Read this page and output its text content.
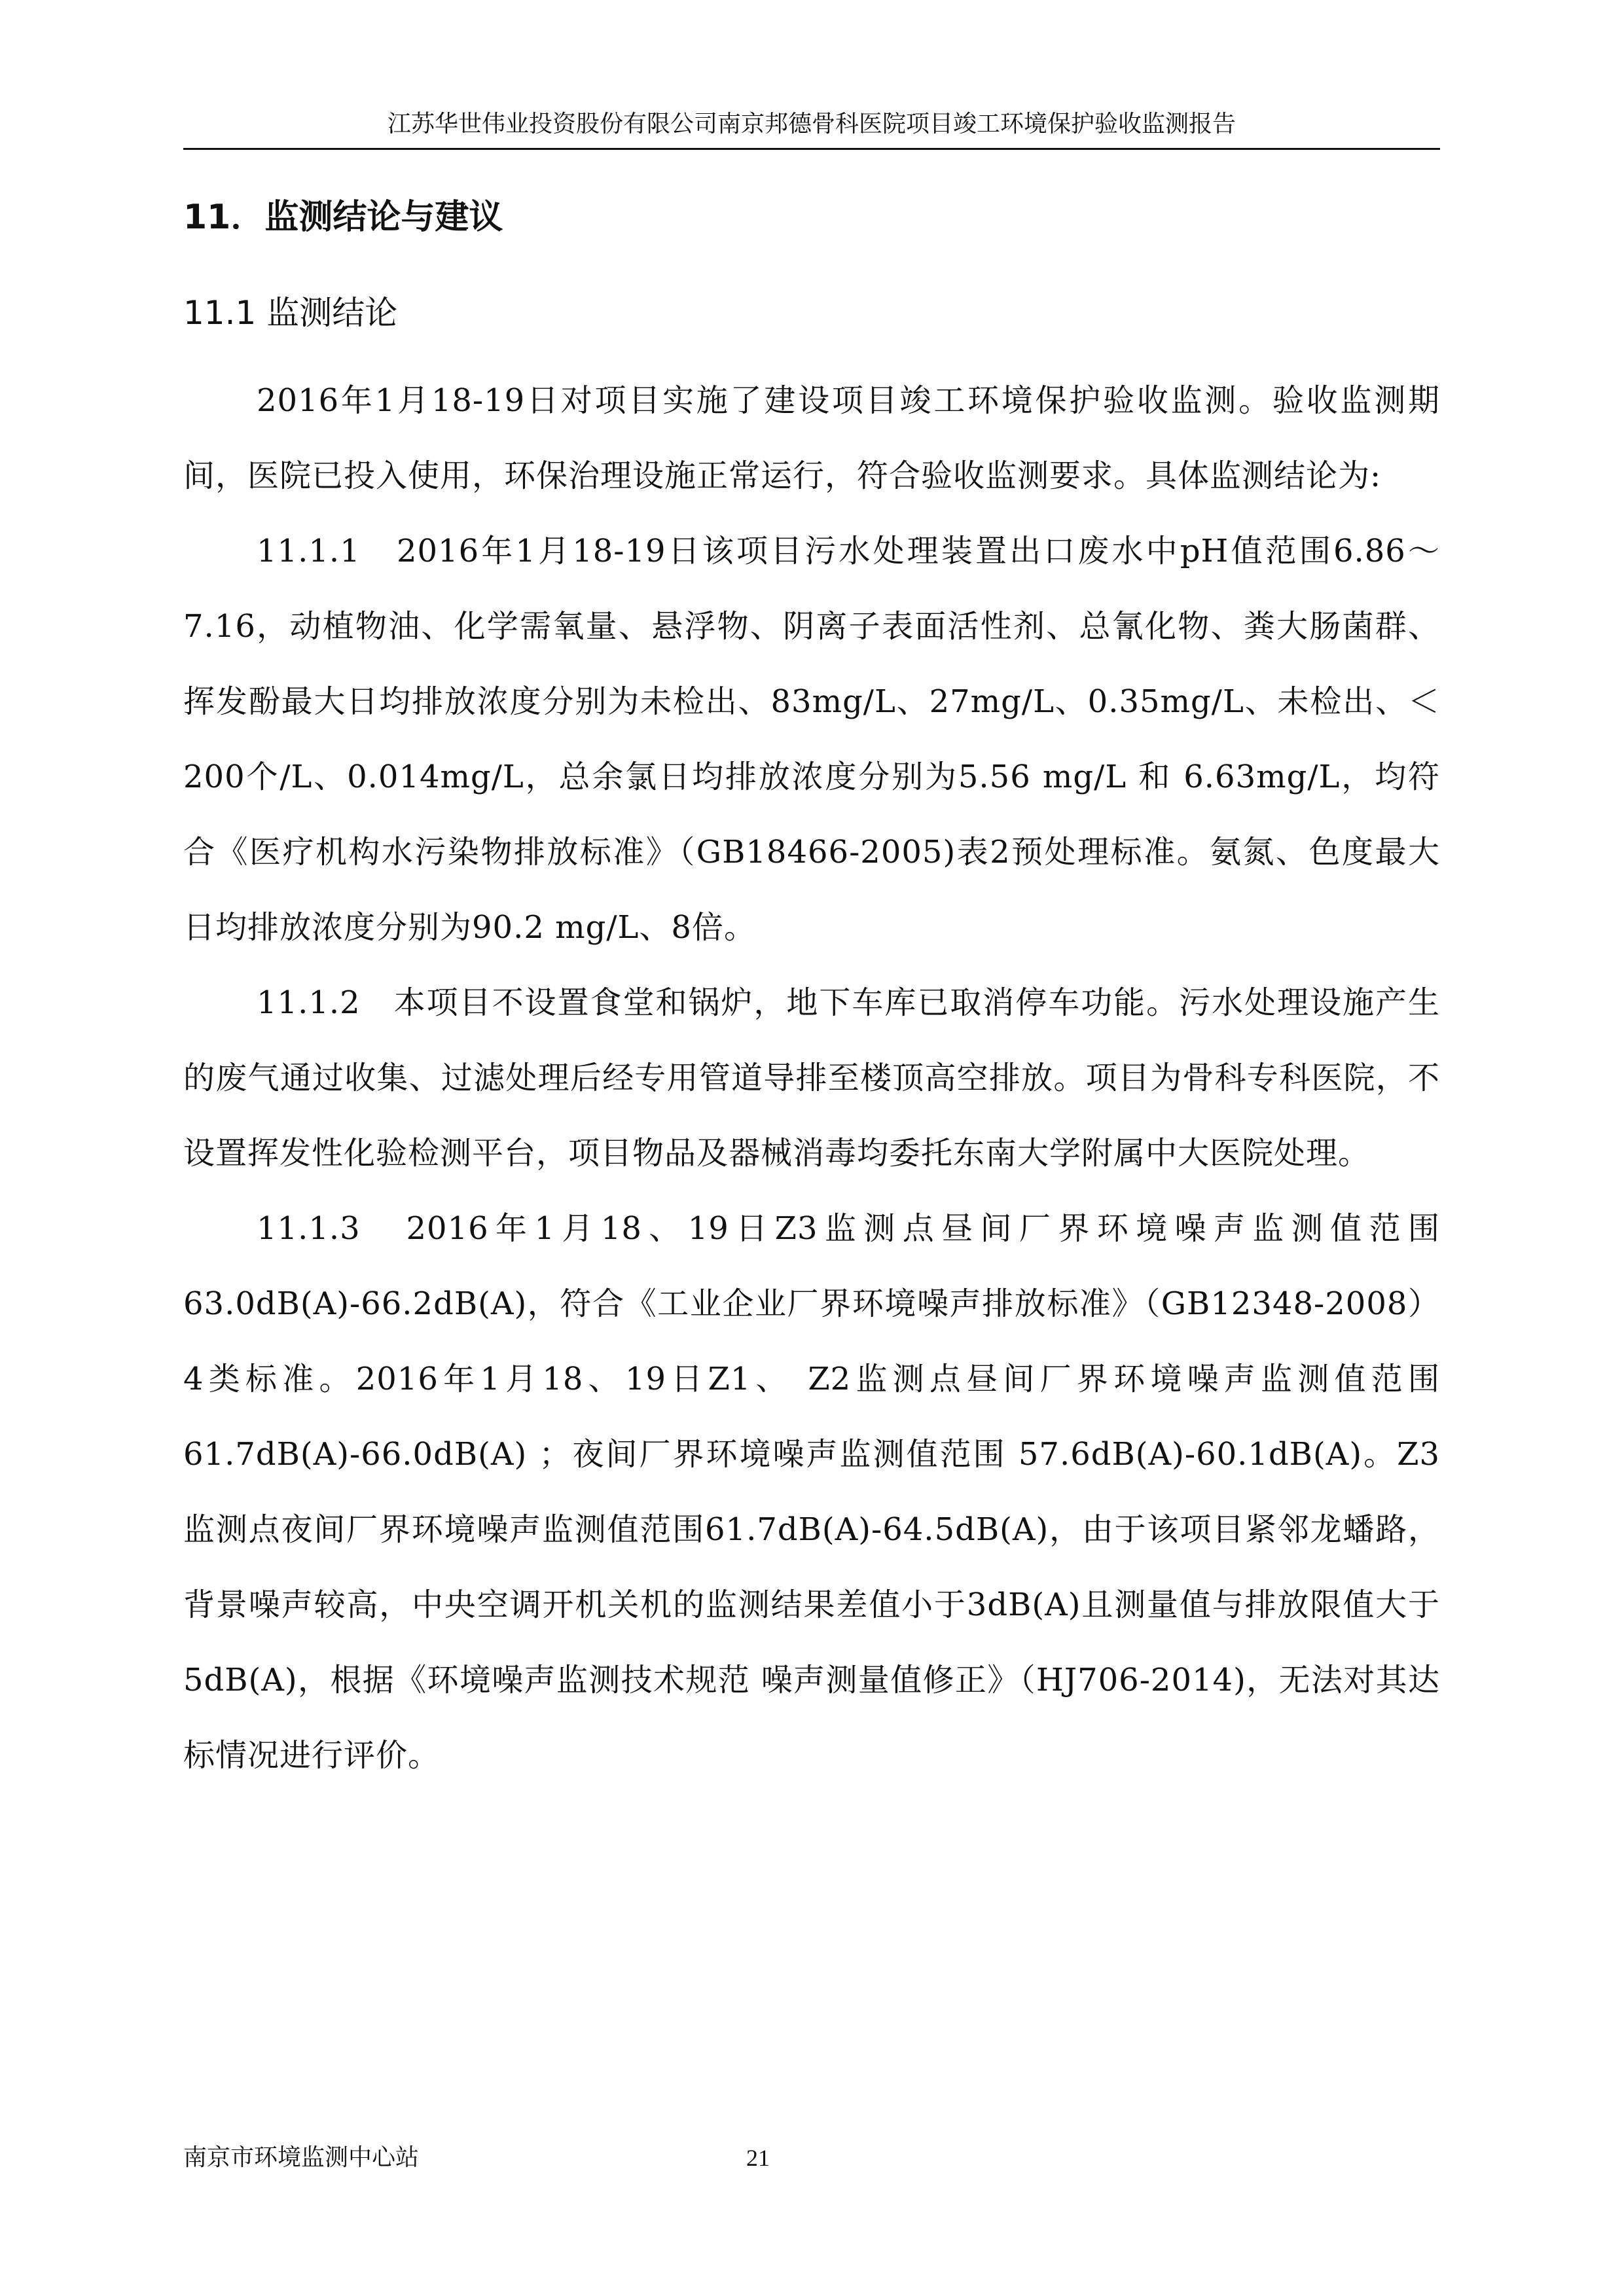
江苏华世伟业投资股份有限公司南京邦德骨科医院项目竣工环境保护验收监测报告
11．监测结论与建议
11.1 监测结论

2016年1月18-19日对项目实施了建设项目竣工环境保护验收监测。验收监测期间，医院已投入使用，环保治理设施正常运行，符合验收监测要求。具体监测结论为:

11.1.1　2016年1月18-19日该项目污水处理装置出口废水中pH值范围6.86～7.16，动植物油、化学需氧量、悬浮物、阴离子表面活性剂、总氰化物、粪大肠菌群、挥发酚最大日均排放浓度分别为未检出、83mg/L、27mg/L、0.35mg/L、未检出、＜200个/L、0.014mg/L，总余氯日均排放浓度分别为5.56 mg/L 和 6.63mg/L，均符合《医疗机构水污染物排放标准》（GB18466-2005)表2预处理标准。氨氮、色度最大日均排放浓度分别为90.2 mg/L、8倍。

11.1.2　本项目不设置食堂和锅炉，地下车库已取消停车功能。污水处理设施产生的废气通过收集、过滤处理后经专用管道导排至楼顶高空排放。项目为骨科专科医院，不设置挥发性化验检测平台，项目物品及器械消毒均委托东南大学附属中大医院处理。

11.1.3　2016年1月18、19日Z3监测点昼间厂界环境噪声监测值范围63.0dB(A)-66.2dB(A)，符合《工业企业厂界环境噪声排放标准》（GB12348-2008）4类标准。2016年1月18、19日Z1、 Z2监测点昼间厂界环境噪声监测值范围61.7dB(A)-66.0dB(A) ；夜间厂界环境噪声监测值范围 57.6dB(A)-60.1dB(A)。Z3 监测点夜间厂界环境噪声监测值范围61.7dB(A)-64.5dB(A)，由于该项目紧邻龙蟠路，背景噪声较高，中央空调开机关机的监测结果差值小于3dB(A)且测量值与排放限值大于5dB(A)，根据《环境噪声监测技术规范 噪声测量值修正》（HJ706-2014)，无法对其达标情况进行评价。

南京市环境监测中心站	21
